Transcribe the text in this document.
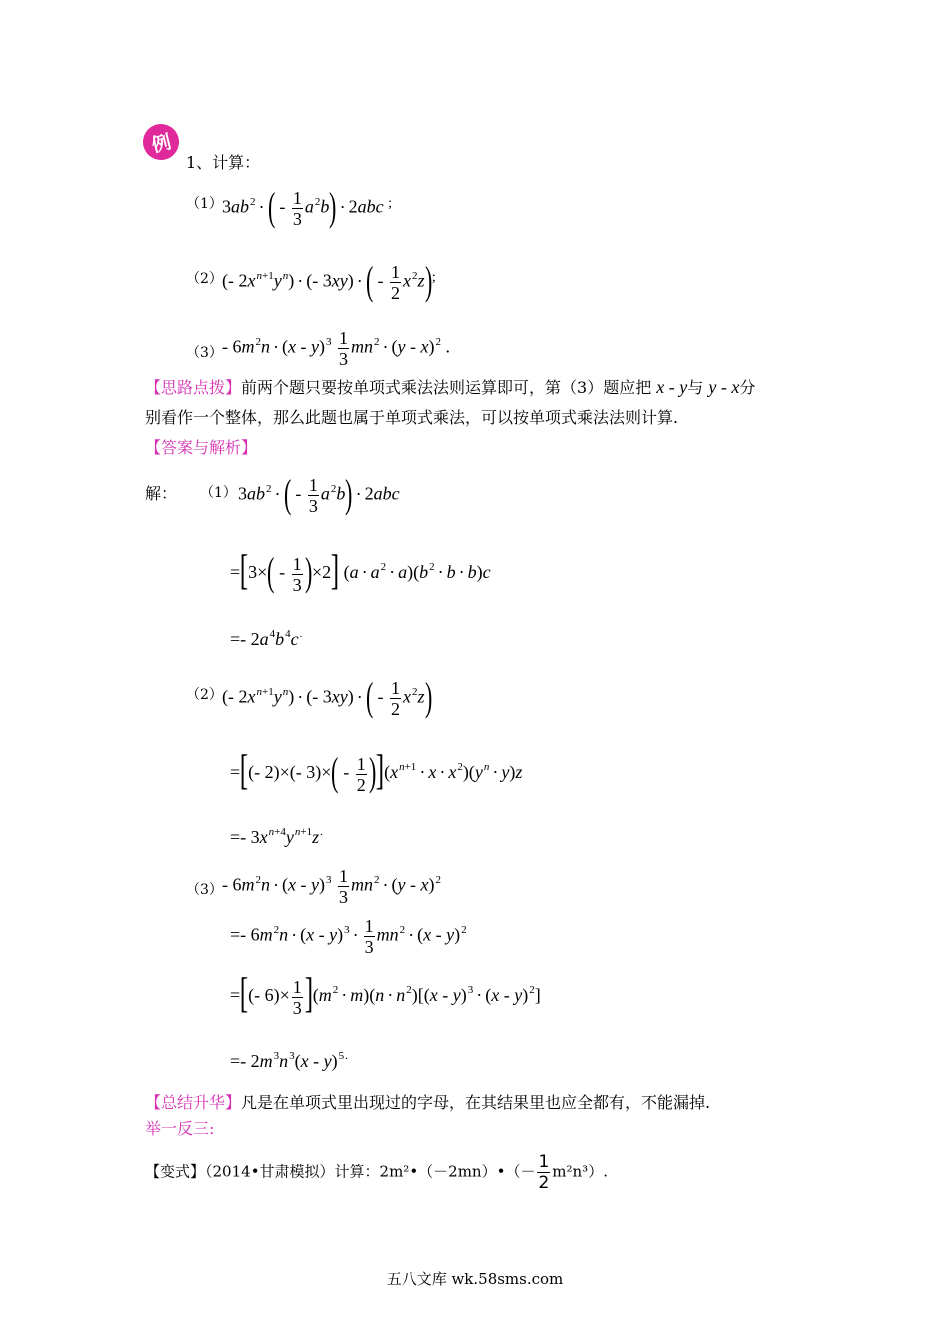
例
1、计算：
（1） $3ab^2$ ·( - $\frac{1}{3} a^2b) \cdot 2abc$ ;
（2） (- $2x^{n+1}y^n$) · (- 3xy) ·( - $\frac{1}{2} x^2z)^;$
$(3) - 6m^2n \cdot (x - y)^3 \frac{1}{3} mn^2 \cdot (y - x)^2$ .
【思路点拨】前两个题只要按单项式乘法法则运算即可，第（3）题应把 x - y与 y - x分
别看作一个整体，那么此题也属于单项式乘法，可以按单项式乘法法则计算.
【答案与解析】
解： （1） $3ab^2$ ·( - $\frac{1}{3} a^2b) \cdot 2abc$
$=[3\times( - \frac{1}{3} )\times 2]$ $(a \cdot a^2 \cdot a)(b^2 \cdot b \cdot b)c$
=- $2a^4b^4c^.$
（2） (- $2x^{n+1}y^n$) · (- 3xy) ·( - $\frac{1}{2} x^2z$)
=[(- 2)×(- $3)\times( - \frac{1}{2} )](x^{n+1} \cdot x \cdot x^2)(y^n \cdot y)z$
=- $3x^{n+4}y^{n+1}z^.$
$(3) - 6m^2n \cdot (x - y)^3 \frac{1}{3} mn^2 \cdot (y - x)^2$
=- $6m^2n \cdot (x - y)^3 \cdot \frac{1}{3} mn^2 \cdot (x - y)^2$
=[(- $6)\times \frac{1}{3} ](m^2 \cdot m)(n \cdot n^2)[(x - y)^3 \cdot (x - y)^2]$
=- $2m^3n^3(x - y)^{5.}$
【总结升华】凡是在单项式里出现过的字母，在其结果里也应全都有，不能漏掉.
举一反三:
【变式】（2014•甘肃模拟）计算：2m²•（－2mn）•（－ $\frac{1}{2} m^2n^3$）.
五八文库 wk.58sms.com
